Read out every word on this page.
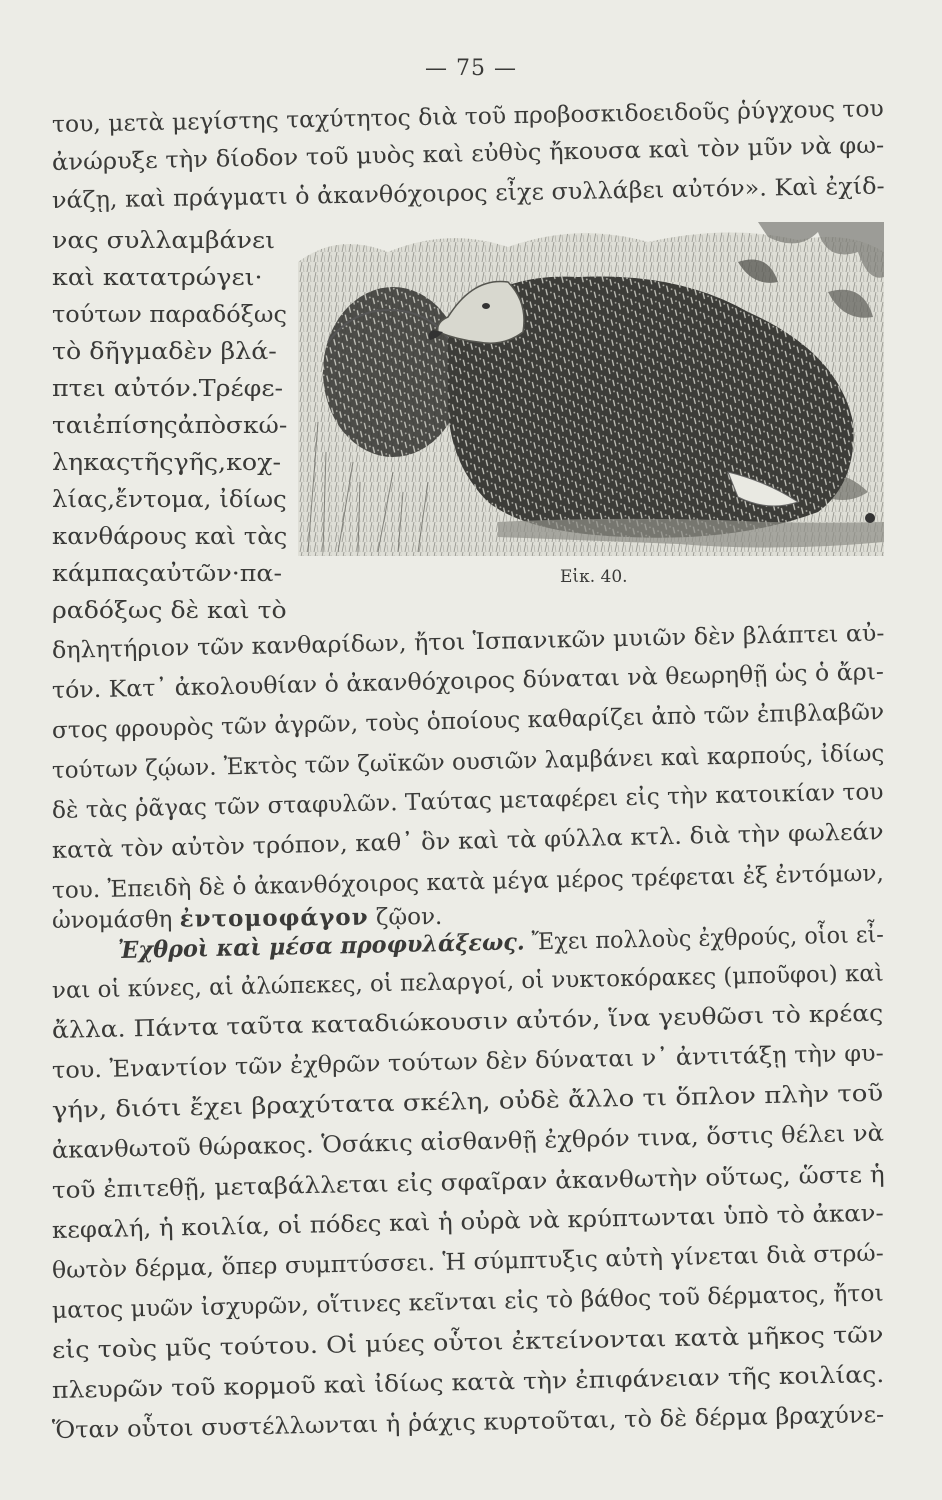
— 75 —
του, μετὰ μεγίστης ταχύτητος διὰ τοῦ προβοσκιδοειδοῦς ῥύγχους του
ἀνώρυξε τὴν δίοδον τοῦ μυὸς καὶ εὐθὺς ἤκουσα καὶ τὸν μῦν νὰ φω-
νάζῃ, καὶ πράγματι ὁ ἀκανθόχοιρος εἶχε συλλάβει αὐτόν». Καὶ ἐχίδ-
νας συλλαμβάνει
καὶ κατατρώγει·
τούτων παραδόξως
τὸ δῆγμαδὲν βλά-
πτει αὐτόν.Τρέφε-
ταιἐπίσηςἀπὸσκώ-
ληκαςτῆςγῆς,κοχ-
λίας,ἔντομα, ἰδίως
κανθάρους καὶ τὰς
κάμπαςαὐτῶν·πα-
ραδόξως δὲ καὶ τὸ
Εἰκ. 40.
δηλητήριον τῶν κανθαρίδων, ἤτοι Ἱσπανικῶν μυιῶν δὲν βλάπτει αὐ-
τόν. Κατ᾽ ἀκολουθίαν ὁ ἀκανθόχοιρος δύναται νὰ θεωρηθῇ ὡς ὁ ἄρι-
στος φρουρὸς τῶν ἀγρῶν, τοὺς ὁποίους καθαρίζει ἀπὸ τῶν ἐπιβλαβῶν
τούτων ζῴων. Ἐκτὸς τῶν ζωϊκῶν ουσιῶν λαμβάνει καὶ καρπούς, ἰδίως
δὲ τὰς ῥᾶγας τῶν σταφυλῶν. Ταύτας μεταφέρει εἰς τὴν κατοικίαν του
κατὰ τὸν αὐτὸν τρόπον, καθ᾽ ὃν καὶ τὰ φύλλα κτλ. διὰ τὴν φωλεάν
του. Ἐπειδὴ δὲ ὁ ἀκανθόχοιρος κατὰ μέγα μέρος τρέφεται ἐξ ἐντόμων,
ὠνομάσθη ἐντομοφάγον ζῷον.
Ἐχθροὶ καὶ μέσα προφυλάξεως. Ἔχει πολλοὺς ἐχθρούς, οἷοι εἶ-
ναι οἱ κύνες, αἱ ἀλώπεκες, οἱ πελαργοί, οἱ νυκτοκόρακες (μποῦφοι) καὶ
ἄλλα. Πάντα ταῦτα καταδιώκουσιν αὐτόν, ἵνα γευθῶσι τὸ κρέας
του. Ἐναντίον τῶν ἐχθρῶν τούτων δὲν δύναται ν᾽ ἀντιτάξῃ τὴν φυ-
γήν, διότι ἔχει βραχύτατα σκέλη, οὐδὲ ἄλλο τι ὅπλον πλὴν τοῦ
ἀκανθωτοῦ θώρακος. Ὁσάκις αἰσθανθῇ ἐχθρόν τινα, ὅστις θέλει νὰ
τοῦ ἐπιτεθῇ, μεταβάλλεται εἰς σφαῖραν ἀκανθωτὴν οὕτως, ὥστε ἡ
κεφαλή, ἡ κοιλία, οἱ πόδες καὶ ἡ οὐρὰ νὰ κρύπτωνται ὑπὸ τὸ ἀκαν-
θωτὸν δέρμα, ὅπερ συμπτύσσει. Ἡ σύμπτυξις αὐτὴ γίνεται διὰ στρώ-
ματος μυῶν ἰσχυρῶν, οἵτινες κεῖνται εἰς τὸ βάθος τοῦ δέρματος, ἤτοι
εἰς τοὺς μῦς τούτου. Οἱ μύες οὗτοι ἐκτείνονται κατὰ μῆκος τῶν
πλευρῶν τοῦ κορμοῦ καὶ ἰδίως κατὰ τὴν ἐπιφάνειαν τῆς κοιλίας.
Ὅταν οὗτοι συστέλλωνται ἡ ῥάχις κυρτοῦται, τὸ δὲ δέρμα βραχύνε-
